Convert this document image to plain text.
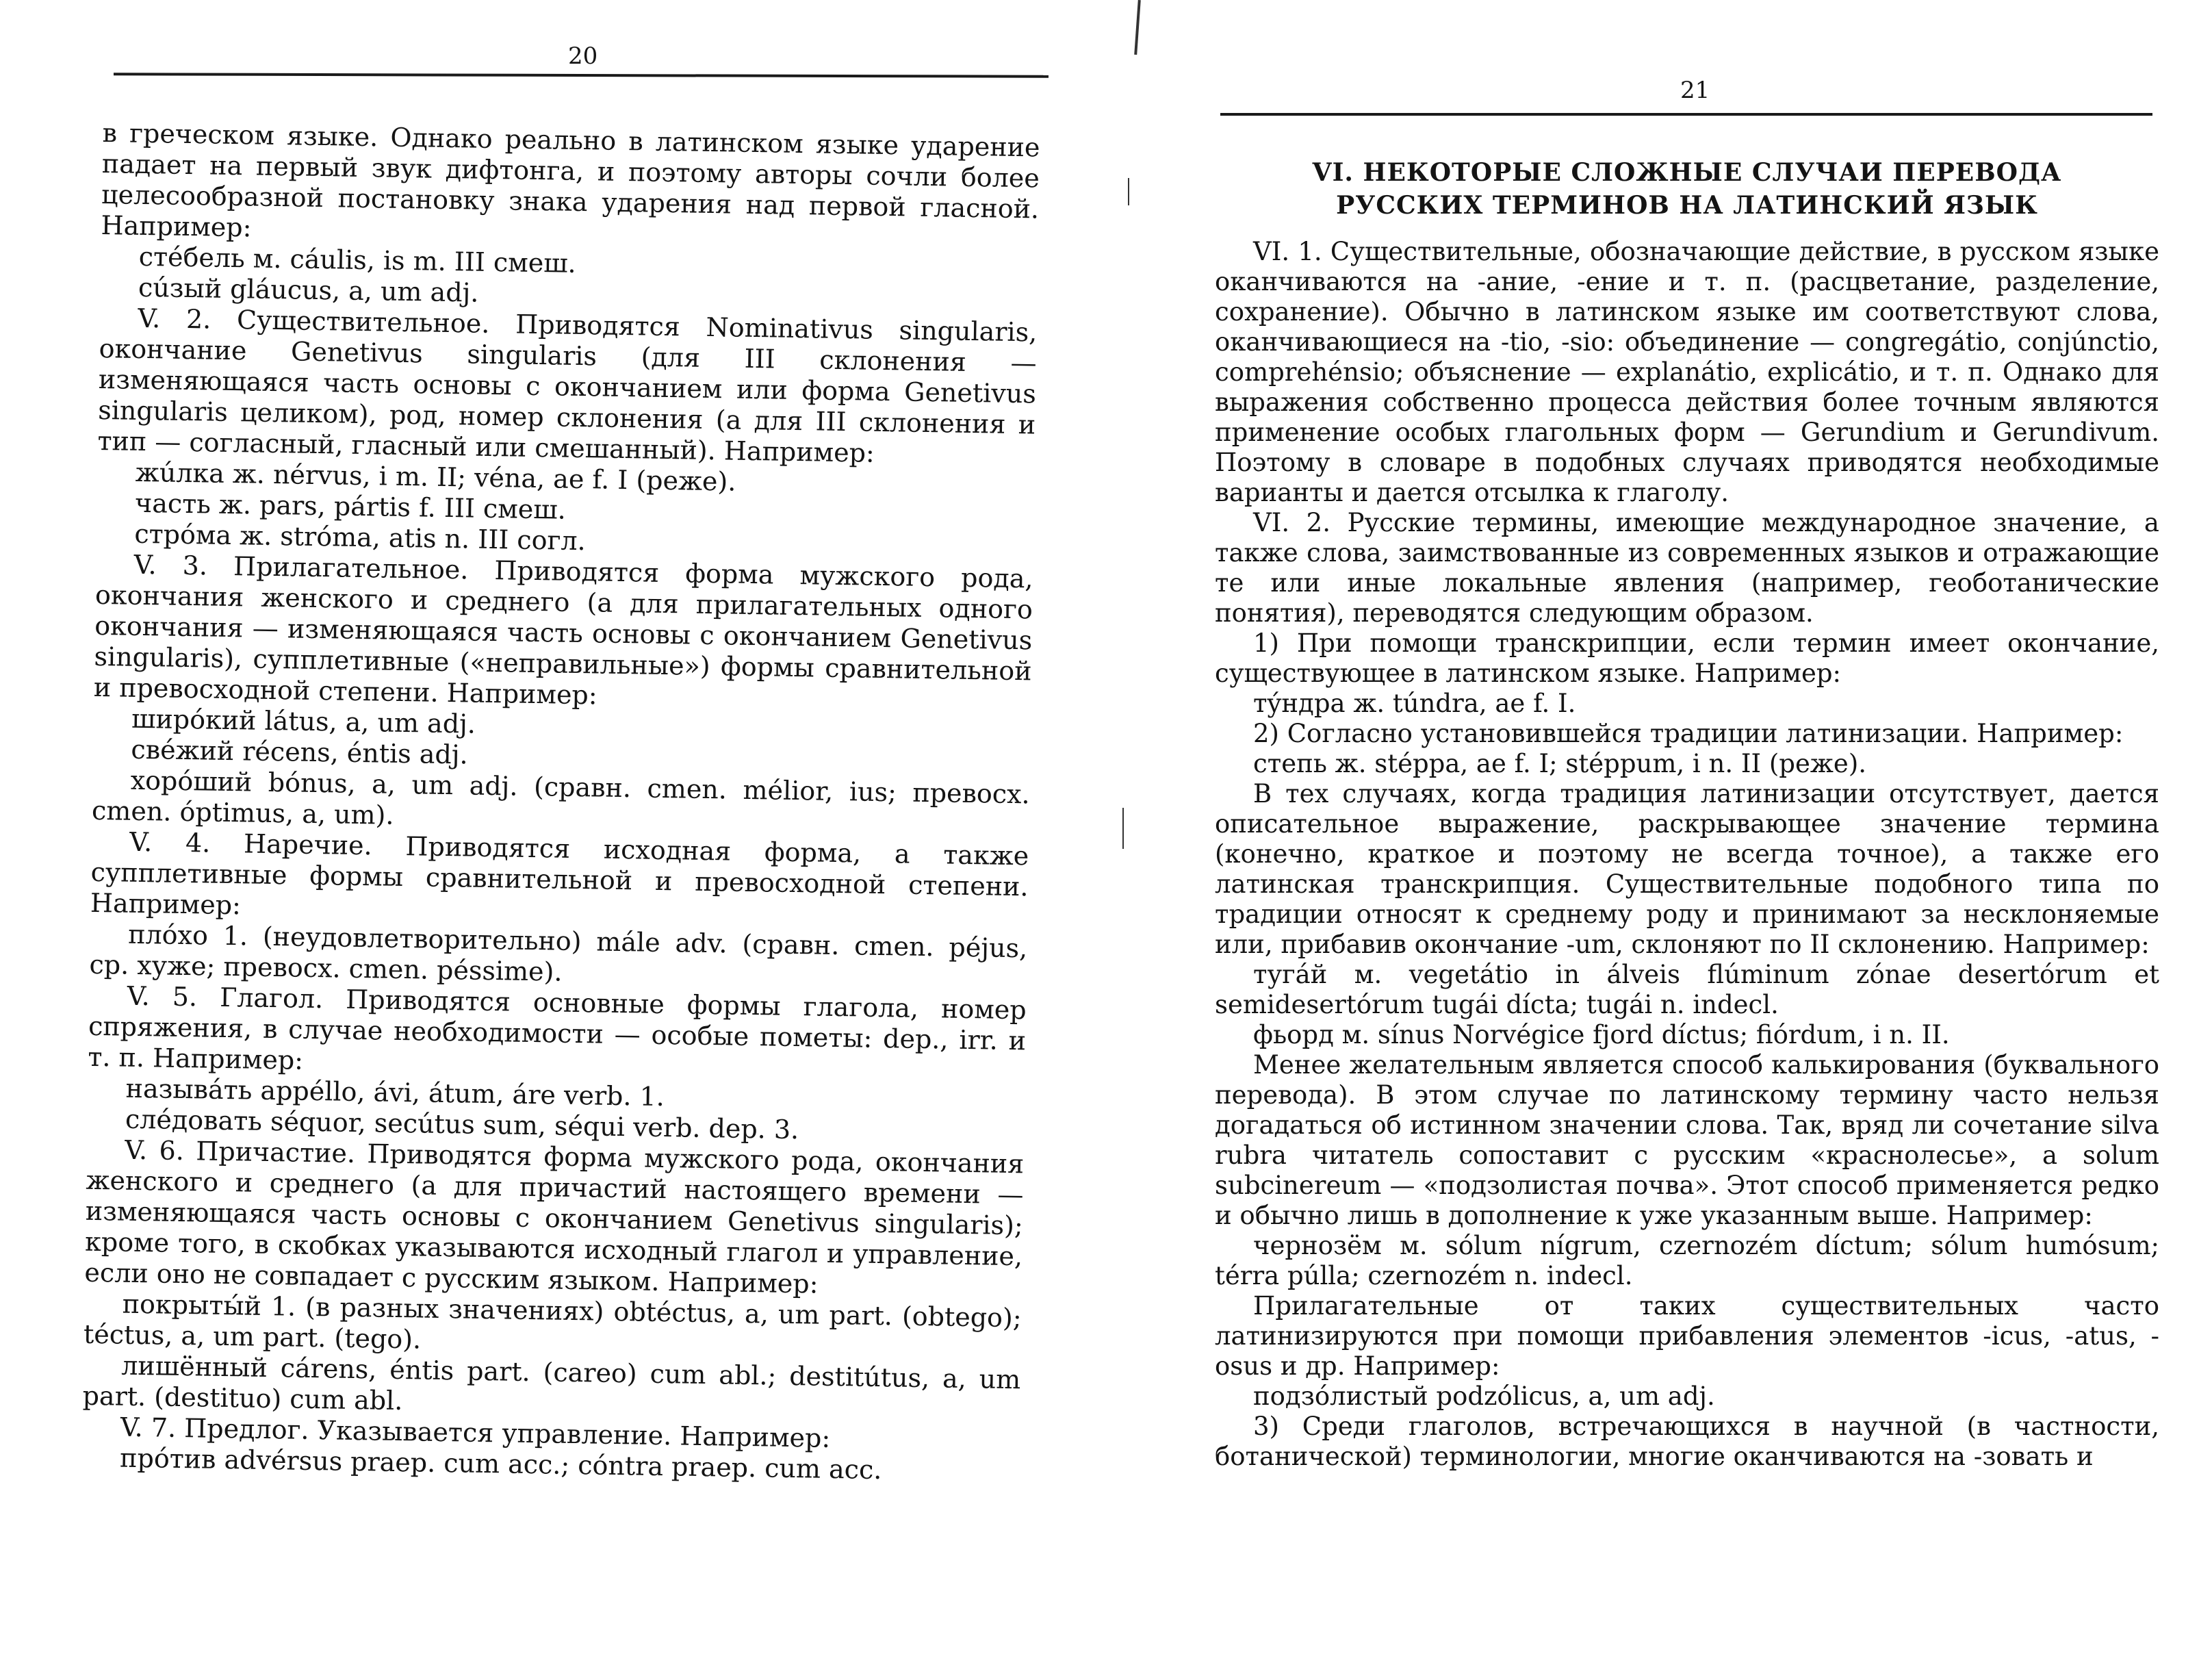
20

в греческом языке. Однако реально в латинском языке ударение падает на первый звук дифтонга, и поэтому авторы сочли более целесообразной постановку знака ударения над первой гласной. Например:

стéбель м. cáulis, is m. III смеш.

сúзый gláucus, a, um adj.

V. 2. Существительное. Приводятся Nominativus singularis, окончание Genetivus singularis (для III склонения — изменяющаяся часть основы с окончанием или форма Genetivus singularis целиком), род, номер склонения (а для III склонения и тип — согласный, гласный или смешанный). Например:

жúлка ж. nérvus, i m. II; véna, ae f. I (реже).

часть ж. pars, pártis f. III смеш.

стрóма ж. stróma, atis n. III согл.

V. 3. Прилагательное. Приводятся форма мужского рода, окончания женского и среднего (а для прилагательных одного окончания — изменяющаяся часть основы с окончанием Genetivus singularis), супплетивные («неправильные») формы сравнительной и превосходной степени. Например:

ширóкий látus, a, um adj.

свéжий récens, éntis adj.

хорóший bónus, a, um adj. (сравн. cmen. mélior, ius; превосх. cmen. óptimus, a, um).

V. 4. Наречие. Приводятся исходная форма, а также супплетивные формы сравнительной и превосходной степени. Например:

плóхо 1. (неудовлетворительно) mále adv. (сравн. cmen. péjus, ср. хуже; превосх. cmen. péssime).

V. 5. Глагол. Приводятся основные формы глагола, номер спряжения, в случае необходимости — особые пометы: dep., irr. и т. п. Например:

назывáть appéllo, ávi, átum, áre verb. 1.

слéдовать séquor, secútus sum, séqui verb. dep. 3.

V. 6. Причастие. Приводятся форма мужского рода, окончания женского и среднего (а для причастий настоящего времени — изменяющаяся часть основы с окончанием Genetivus singularis); кроме того, в скобках указываются исходный глагол и управление, если оно не совпадает с русским языком. Например:

покрыты́й 1. (в разных значениях) obtéctus, a, um part. (obtego); téctus, a, um part. (tego).

лишённый cárens, éntis part. (careo) cum abl.; destitútus, a, um part. (destituo) cum abl.

V. 7. Предлог. Указывается управление. Например:

прóтив advérsus praep. cum acc.; cóntra praep. cum acc.

21
VI. НЕКОТОРЫЕ СЛОЖНЫЕ СЛУЧАИ ПЕРЕВОДА
РУССКИХ ТЕРМИНОВ НА ЛАТИНСКИЙ ЯЗЫК

VI. 1. Существительные, обозначающие действие, в русском языке оканчиваются на -ание, -ение и т. п. (расцветание, разделение, сохранение). Обычно в латинском языке им соответствуют слова, оканчивающиеся на -tio, -sio: объединение — congregátio, conjúnctio, comprehénsio; объяснение — explanátio, explicátio, и т. п. Однако для выражения собственно процесса действия более точным являются применение особых глагольных форм — Gerundium и Gerundivum. Поэтому в словаре в подобных случаях приводятся необходимые варианты и дается отсылка к глаголу.

VI. 2. Русские термины, имеющие международное значение, а также слова, заимствованные из современных языков и отражающие те или иные локальные явления (например, геоботанические понятия), переводятся следующим образом.

1) При помощи транскрипции, если термин имеет окончание, существующее в латинском языке. Например:

тýндра ж. túndra, ae f. I.

2) Согласно установившейся традиции латинизации. Например:

степь ж. stéppa, ae f. I; stéppum, i n. II (реже).

В тех случаях, когда традиция латинизации отсутствует, дается описательное выражение, раскрывающее значение термина (конечно, краткое и поэтому не всегда точное), а также его латинская транскрипция. Существительные подобного типа по традиции относят к среднему роду и принимают за несклоняемые или, прибавив окончание -um, склоняют по II склонению. Например:

тугáй м. vegetátio in álveis flúminum zónae desertórum et semidesertórum tugái dícta; tugái n. indecl.

фьорд м. sínus Norvégice fjord díctus; fiórdum, i n. II.

Менее желательным является способ калькирования (буквального перевода). В этом случае по латинскому термину часто нельзя догадаться об истинном значении слова. Так, вряд ли сочетание silva rubra читатель сопоставит с русским «краснолесье», а solum subcinereum — «подзолистая почва». Этот способ применяется редко и обычно лишь в дополнение к уже указанным выше. Например:

чернозём м. sólum nígrum, czernozém díctum; sólum humósum; térra púlla; czernozém n. indecl.

Прилагательные от таких существительных часто латинизируются при помощи прибавления элементов -icus, -atus, -osus и др. Например:

подзóлистый podzólicus, a, um adj.

3) Среди глаголов, встречающихся в научной (в частности, ботанической) терминологии, многие оканчиваются на -зовать и
